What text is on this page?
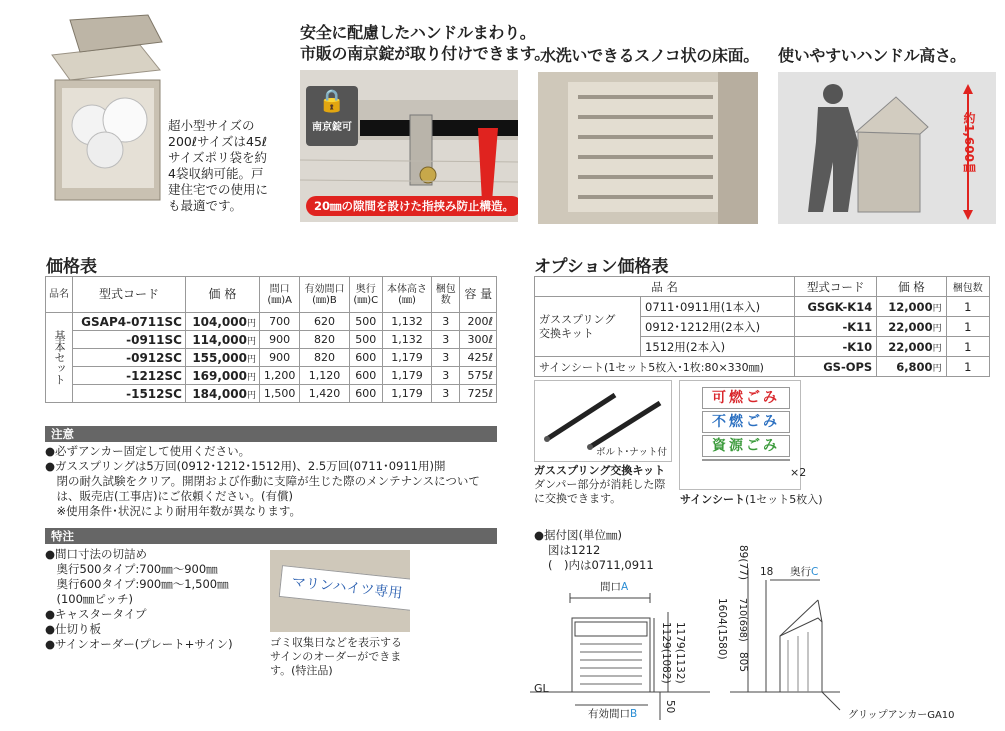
超小型サイズの
200ℓサイズは45ℓ
サイズポリ袋を約
4袋収納可能。戸
建住宅での使用に
も最適です。
安全に配慮したハンドルまわり。
市販の南京錠が取り付けできます。
🔒
南京錠可
20㎜の隙間を設けた指挟み防止構造。
水洗いできるスノコ状の床面。 使いやすいハンドル高さ。
約1,600㎜
価格表
品名	型式コード	価 格	間口
(㎜)A	有効間口
(㎜)B	奥行
(㎜)C	本体高さ
(㎜)	梱包
数	容 量
基本セット	GSAP4-0711SC	104,000円	700	620	500	1,132	3	200ℓ
	-0911SC	114,000円	900	820	500	1,132	3	300ℓ
	-0912SC	155,000円	900	820	600	1,179	3	425ℓ
	-1212SC	169,000円	1,200	1,120	600	1,179	3	575ℓ
	-1512SC	184,000円	1,500	1,420	600	1,179	3	725ℓ
注意
●必ずアンカー固定して使用ください。
●ガススプリングは5万回(0912･1212･1512用)、2.5万回(0711･0911用)開
　閉の耐久試験をクリア。開閉および作動に支障が生じた際のメンテナンスについて
　は、販売店(工事店)にご依頼ください。(有償)
　※使用条件･状況により耐用年数が異なります。
特注
●間口寸法の切詰め
　奥行500タイプ:700㎜～900㎜
　奥行600タイプ:900㎜～1,500㎜
　(100㎜ピッチ)
●キャスタータイプ
●仕切り板
●サインオーダー(プレート+サイン)
マリンハイツ専用
ゴミ収集日などを表示する
サインのオーダーができま
す。(特注品)
オプション価格表
品 名		型式コード	価 格	梱包数

ガススプリング
交換キット	0711･0911用(1本入)	GSGK-K14	12,000円	1
	0912･1212用(2本入)	-K11	22,000円	1
	1512用(2本入)	-K10	22,000円	1
サインシート(1セット5枚入･1枚:80×330㎜)		GS-OPS	6,800円	1
ボルト･ナット付
ガススプリング交換キット
ダンパー部分が消耗した際
に交換できます。
可燃ごみ
不燃ごみ
資源ごみ
×2
サインシート(1セット5枚入)
●据付図(単位㎜)
図は1212
(　)内は0711,0911
間口A
有効間口B
GL
1129(1082) 1179(1132)
50
1604(1580)
89(77)
710(698)
805
18 奥行C
グリップアンカーGA10
